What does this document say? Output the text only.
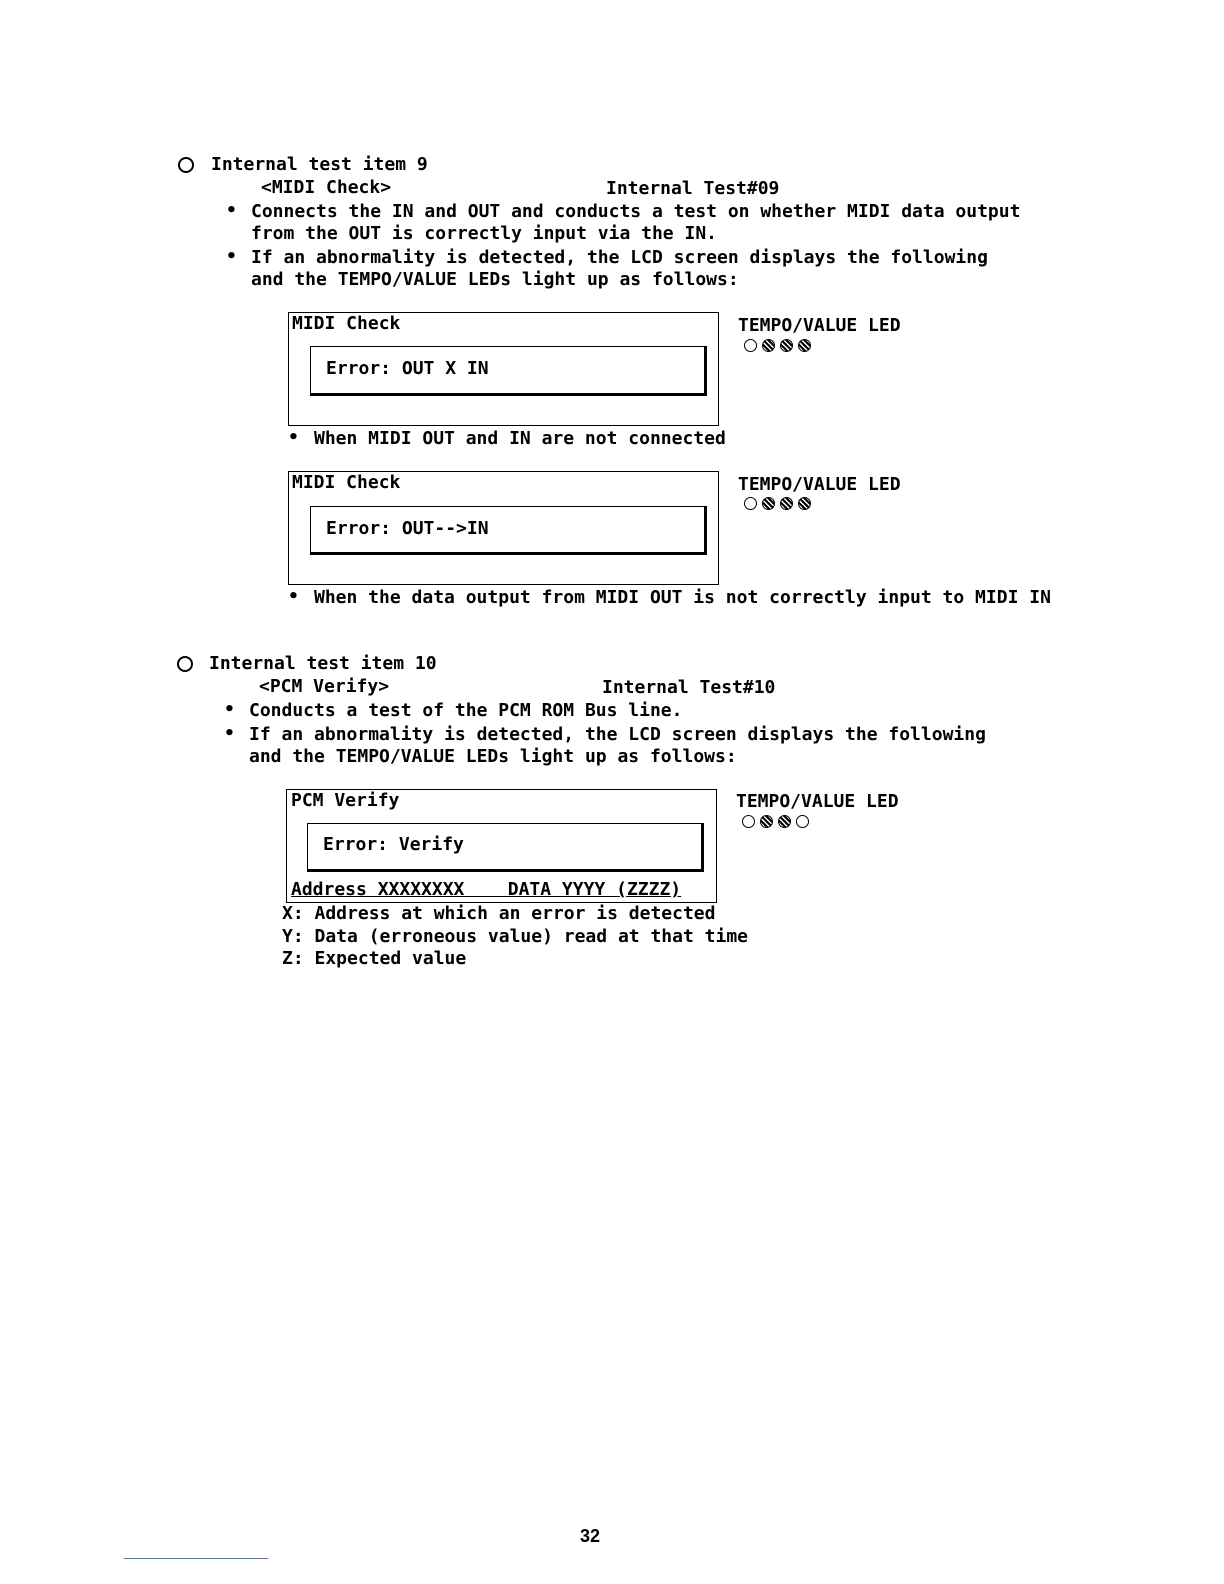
Internal test item 9
<MIDI Check>	Internal Test#09
• Connects the IN and OUT and conducts a test on whether MIDI data output
from the OUT is correctly input via the IN.
• If an abnormality is detected, the LCD screen displays the following
and the TEMPO/VALUE LEDs light up as follows:
MIDI Check
Error: OUT X IN
TEMPO/VALUE LED
• When MIDI OUT and IN are not connected
MIDI Check
Error: OUT-->IN
TEMPO/VALUE LED
• When the data output from MIDI OUT is not correctly input to MIDI IN
Internal test item 10
<PCM Verify>	Internal Test#10
• Conducts a test of the PCM ROM Bus line.
• If an abnormality is detected, the LCD screen displays the following
and the TEMPO/VALUE LEDs light up as follows:
PCM Verify
Error: Verify
Address XXXXXXXX    DATA YYYY (ZZZZ)
TEMPO/VALUE LED
X: Address at which an error is detected
Y: Data (erroneous value) read at that time
Z: Expected value
32
